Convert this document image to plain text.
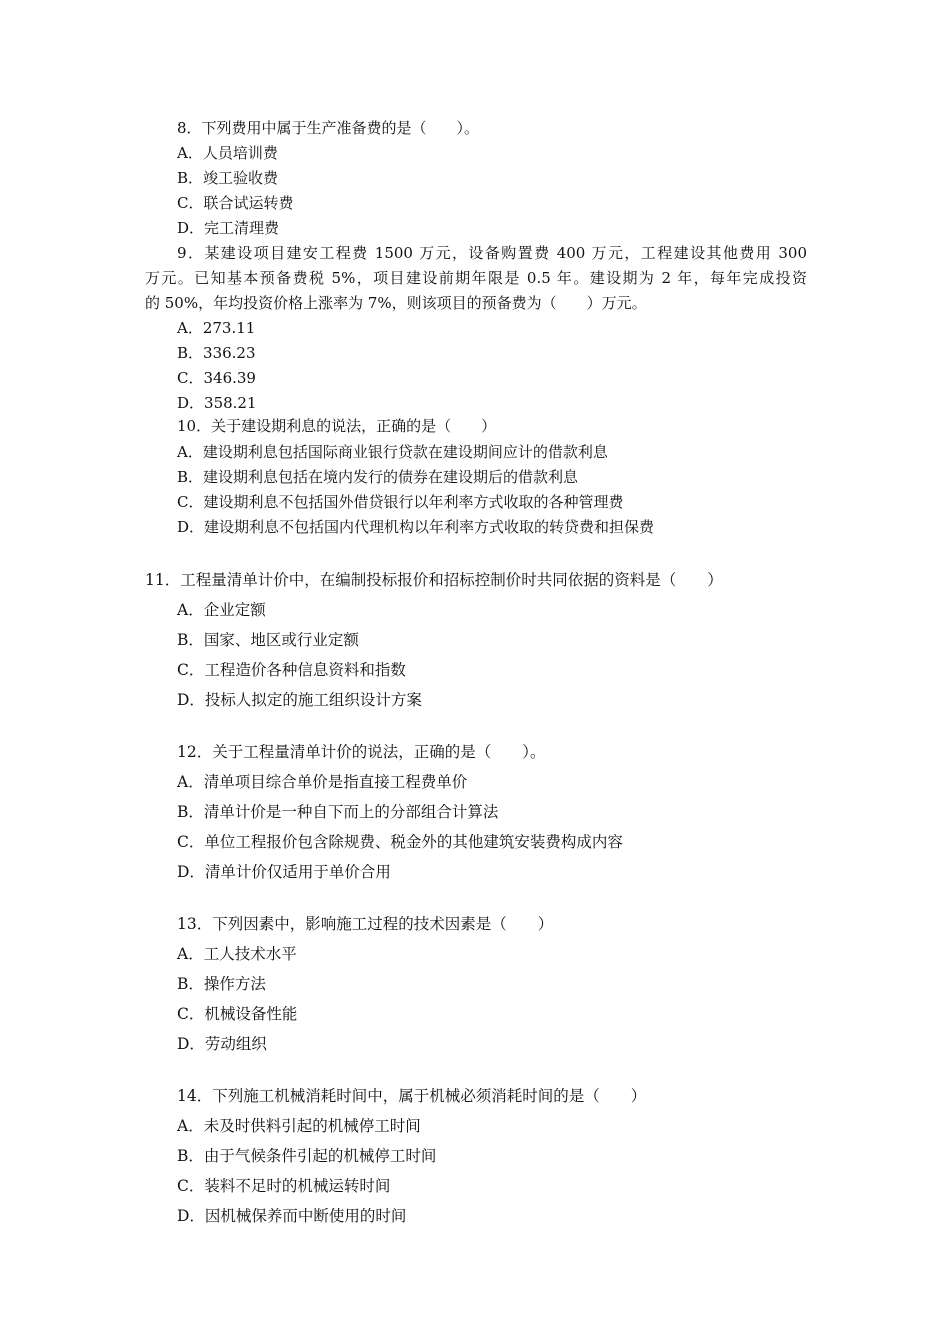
8．下列费用中属于生产准备费的是（　　）。
A．人员培训费
B．竣工验收费
C．联合试运转费
D．完工清理费
9．某建设项目建安工程费 1500 万元，设备购置费 400 万元，工程建设其他费用 300
万元。已知基本预备费税 5%，项目建设前期年限是 0.5 年。建设期为 2 年，每年完成投资
的 50%，年均投资价格上涨率为 7%，则该项目的预备费为（　　）万元。
A．273.11
B．336.23
C．346.39
D．358.21
10．关于建设期利息的说法，正确的是（　　）
A．建设期利息包括国际商业银行贷款在建设期间应计的借款利息
B．建设期利息包括在境内发行的债券在建设期后的借款利息
C．建设期利息不包括国外借贷银行以年利率方式收取的各种管理费
D．建设期利息不包括国内代理机构以年利率方式收取的转贷费和担保费
11．工程量清单计价中，在编制投标报价和招标控制价时共同依据的资料是（　　）
A．企业定额
B．国家、地区或行业定额
C．工程造价各种信息资料和指数
D．投标人拟定的施工组织设计方案
12．关于工程量清单计价的说法，正确的是（　　）。
A．清单项目综合单价是指直接工程费单价
B．清单计价是一种自下而上的分部组合计算法
C．单位工程报价包含除规费、税金外的其他建筑安装费构成内容
D．清单计价仅适用于单价合用
13．下列因素中，影响施工过程的技术因素是（　　）
A．工人技术水平
B．操作方法
C．机械设备性能
D．劳动组织
14．下列施工机械消耗时间中，属于机械必须消耗时间的是（　　）
A．未及时供料引起的机械停工时间
B．由于气候条件引起的机械停工时间
C．装料不足时的机械运转时间
D．因机械保养而中断使用的时间
